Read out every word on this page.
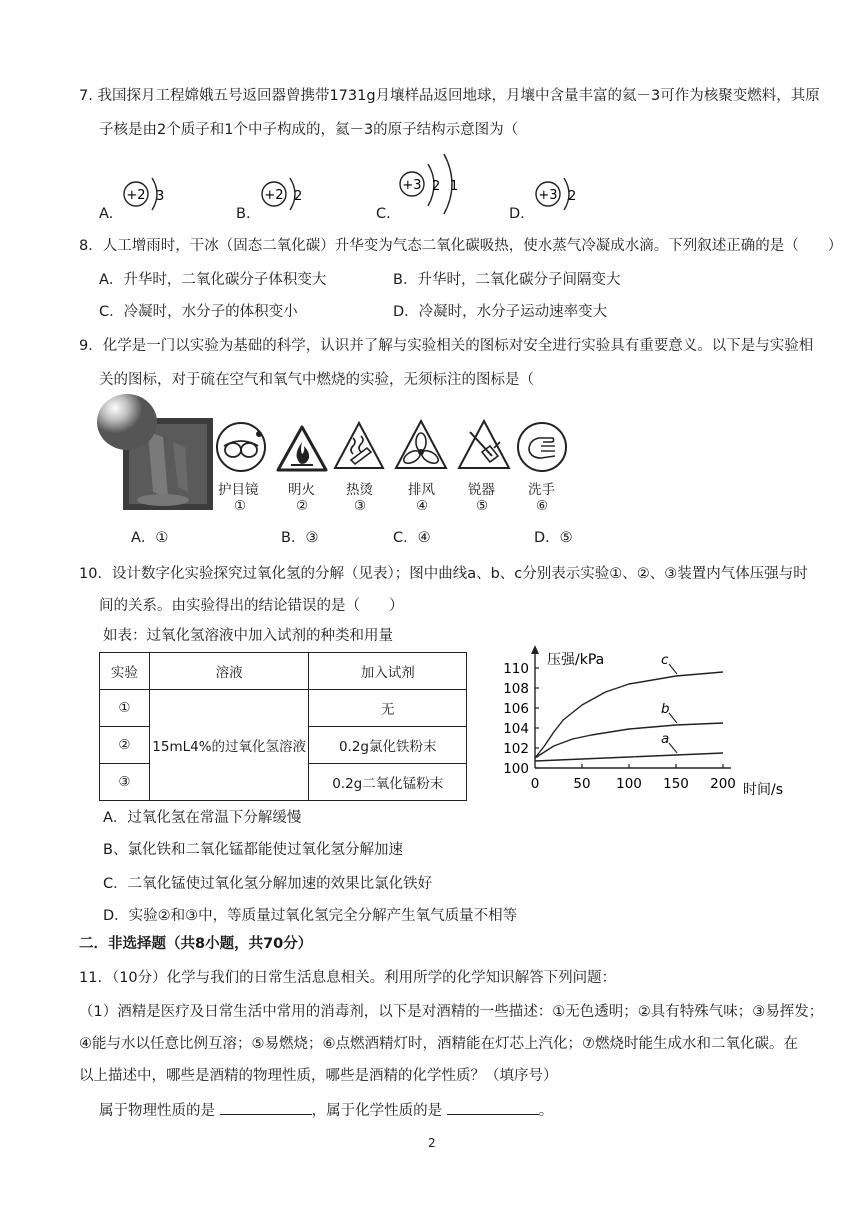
7. 我国探月工程嫦娥五号返回器曾携带1731g月壤样品返回地球，月壤中含量丰富的氦－3可作为核聚变燃料，其原
子核是由2个质子和1个中子构成的，氦－3的原子结构示意图为（
A.	B.	C.	D.
+2 3	+2 2
+3 2 1
+3 2
8．人工增雨时，干冰（固态二氧化碳）升华变为气态二氧化碳吸热，使水蒸气冷凝成水滴。下列叙述正确的是（　　）
A．升华时，二氧化碳分子体积变大	B．升华时，二氧化碳分子间隔变大
C．冷凝时，水分子的体积变小	D．冷凝时，水分子运动速率变大
9．化学是一门以实验为基础的科学，认识并了解与实验相关的图标对安全进行实验具有重要意义。以下是与实验相
关的图标，对于硫在空气和氧气中燃烧的实验，无须标注的图标是（
护目镜
①
明火
②
热烫
③
排风
④
锐器
⑤
洗手
⑥
A．①	B．③	C．④	D．⑤
10．设计数字化实验探究过氧化氢的分解（见表）；图中曲线a、b、c分别表示实验①、②、③装置内气体压强与时
间的关系。由实验得出的结论错误的是（　　）
如表：过氧化氢溶液中加入试剂的种类和用量
实验	溶液	加入试剂
①	15mL4%的过氧化氢溶液	无
②		0.2g氯化铁粉末
③		0.2g二氧化锰粉末
100
102
104
106
108
110
0	50 100 150 200
a
b
c
压强/kPa
时间/s
A．过氧化氢在常温下分解缓慢
B、氯化铁和二氧化锰都能使过氧化氢分解加速
C．二氧化锰使过氧化氢分解加速的效果比氯化铁好
D．实验②和③中，等质量过氧化氢完全分解产生氧气质量不相等
二．非选择题（共8小题，共70分）
11．（10分）化学与我们的日常生活息息相关。利用所学的化学知识解答下列问题：
（1）酒精是医疗及日常生活中常用的消毒剂，以下是对酒精的一些描述：①无色透明；②具有特殊气味；③易挥发；
④能与水以任意比例互溶；⑤易燃烧；⑥点燃酒精灯时，酒精能在灯芯上汽化；⑦燃烧时能生成水和二氧化碳。在
以上描述中，哪些是酒精的物理性质，哪些是酒精的化学性质？（填序号）
属于物理性质的是	，属于化学性质的是	。
2
